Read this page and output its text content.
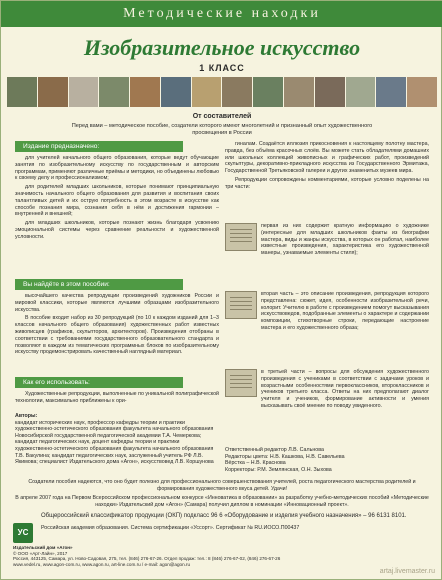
Методические находки
Изобразительное искусство
1 КЛАСС
От составителей
Перед вами – методическое пособие, создатели которого имеют многолетний и признанный опыт художественного просвещения в России
Издание предназначено:

для учителей начального общего образования, которые ведут обучающие занятия по изобразительному искусству по государственным и авторским программам, применяют различные приёмы и методики, но объединены любовью к своему делу и профессионализмом;

для родителей младших школьников, которые понимают принципиальную значимость начального общего образования для развития и воспитания своих талантливых детей и их острую потребность в этом возрасте в искусстве как способе познания мира, сознания себя в нём и достижения гармонии – внутренней и внешней;

для младших школьников, которые познают жизнь благодаря усвоению эмоциональной системы через сравнение реальности и художественной условности.

Вы найдёте в этом пособии:

высочайшего качества репродукции произведений художников России и мировой классики, которые являются лучшими образцами изобразительного искусства.

В пособие входит набор из 30 репродукций (по 10 к каждом изданий для 1–3 классов начального общего образования) художественных работ известных живописцев (графиков, скульпторов, архитекторов). Произведения отобраны в соответствии с требованиями государственного образовательного стандарта и позволяют в каждом из тематических программных блоков по изобразительному искусству продемонстрировать качественный наглядный материал.

Как его использовать:

Художественные репродукции, выполненные по уникальной полиграфической технологии, максимально приближены к ори-

Авторы:
кандидат исторических наук, профессор кафедры теории и практики художественно-эстетического образования факультета начального образования Новосибирской государственной педагогической академии Т.А. Чемеркова; кандидат педагогических наук, доцент кафедры теории и практики художественно-эстетического образования факультета начального образования Т.В. Вакулина; кандидат педагогических наук, заслуженный учитель РФ Л.В. Якимова; специалист Издательского дома «Агон», искусствовед Л.В. Коршунова

гиналам. Создаётся иллюзия прикосновения к настоящему полотну мастера, правда, без объёма красочных слоёв. Вы можете стать обладателями домашних или школьных коллекций живописных и графических работ, произведений скульптуры, декоративно-прикладного искусства из Государственного Эрмитажа, Государственной Третьяковской галереи и других знаменитых музеев мира.

Репродукции сопровождены комментариями, которые условно поделены на три части:

первая из них содержит кратную информацию о художнике (интересные для младших школьников факты из биографии мастера, виды и жанры искусства, в которых он работал, наиболее известные произведения, характеристика его художественной манеры, узнаваемые элементы стиля);
вторая часть – это описание произведения, репродукция которого представлена: сюжет, идея, особенности изобразительной речи, колорит. Учителю в работе с произведением помогут высказывания искусствоведов, подобранные элементы о характере и содержании композиции, стихотворные строки, передающие настроение мастера и его художественного образа;
в третьей части – вопросы для обсуждения художественного произведения с учениками в соответствии с задачами уроков и возрастными особенностями первоклассников, второклассников и учеников третьего класса. Ответы на них предполагают диалог учителя и учеников, формирование активности и умения высказывать своё мнение по поводу увиденного.
Ответственный редактор Л.В. Сальнова
Редакторы цвета: Н.В. Кашкова, Н.В. Савельева
Вёрстка – Н.В. Краснова
Корректоры: Р.М. Землянская, О.Н. Зыхова
Создатели пособия надеются, что оно будет полезно для профессионального совершенствования учителей, роста педагогического мастерства родителей и формирования художественного вкуса детей. Удачи!
В апреле 2007 года на Первом Всероссийском профессиональном конкурсе «Инноватика в образовании» за разработку учебно-методических пособий «Методические находки» Издательский дом «Агон» (Самара) получил диплом в номинации «Инновационный проект».
Общероссийский классификатор продукции (ОКП) подкласс 96 6 «Оборудование и изделия учебного назначения» – 96 6131 8101.
УС	Российская академия образования. Система сертификации «Уссорт». Сертификат № RU.ИОСО.П00437
Издательский дом «Агон»
© ООО «Арт-Лайн», 2017
Россия, 443125, Самара, ул. Ново-Садовая, 275, тел. (846) 276-67-26. Отдел продаж: тел.: 8 (846) 276-67-02, (846) 276-67-26
www.vedel.ru, www.agon-com.ru, www.agon.ru, art-line.com.ru / e-mail: agon@agon.ru
artaj.livemaster.ru
